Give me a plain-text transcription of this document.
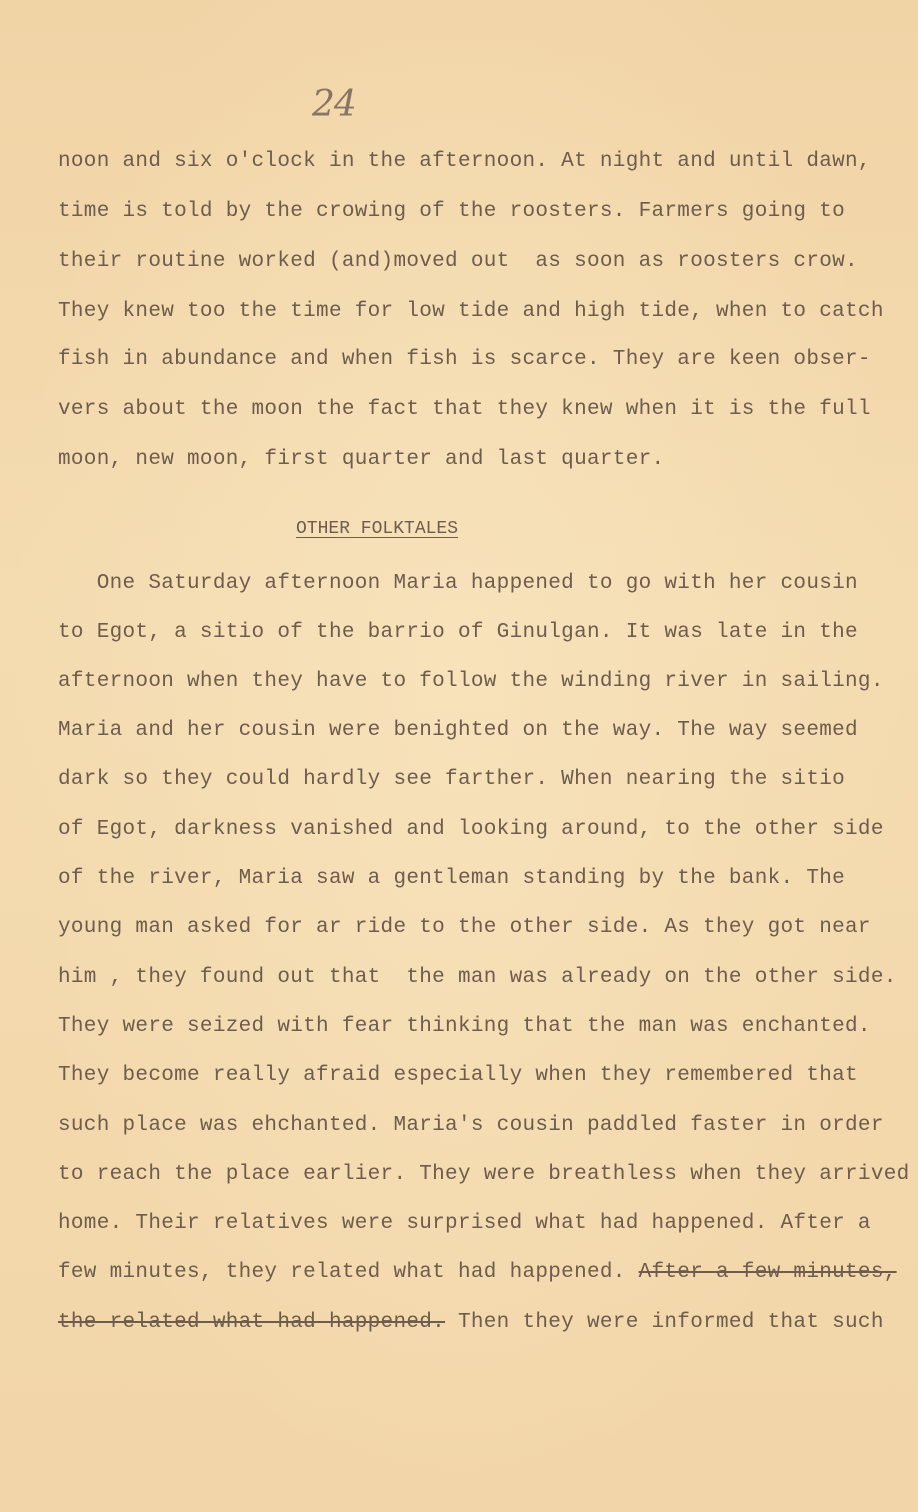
24
noon and six o'clock in the afternoon. At night and until dawn,
time is told by the crowing of the roosters. Farmers going to
their routine worked (and)moved out  as soon as roosters crow.
They knew too the time for low tide and high tide, when to catch
fish in abundance and when fish is scarce. They are keen obser-
vers about the moon the fact that they knew when it is the full
moon, new moon, first quarter and last quarter.
OTHER FOLKTALES
One Saturday afternoon Maria happened to go with her cousin
to Egot, a sitio of the barrio of Ginulgan. It was late in the
afternoon when they have to follow the winding river in sailing.
Maria and her cousin were benighted on the way. The way seemed
dark so they could hardly see farther. When nearing the sitio
of Egot, darkness vanished and looking around, to the other side
of the river, Maria saw a gentleman standing by the bank. The
young man asked for ar ride to the other side. As they got near
him , they found out that  the man was already on the other side.
They were seized with fear thinking that the man was enchanted.
They become really afraid especially when they remembered that
such place was ehchanted. Maria's cousin paddled faster in order
to reach the place earlier. They were breathless when they arrived
home. Their relatives were surprised what had happened. After a
few minutes, they related what had happened. After a few minutes,
the related what had happened. Then they were informed that such
